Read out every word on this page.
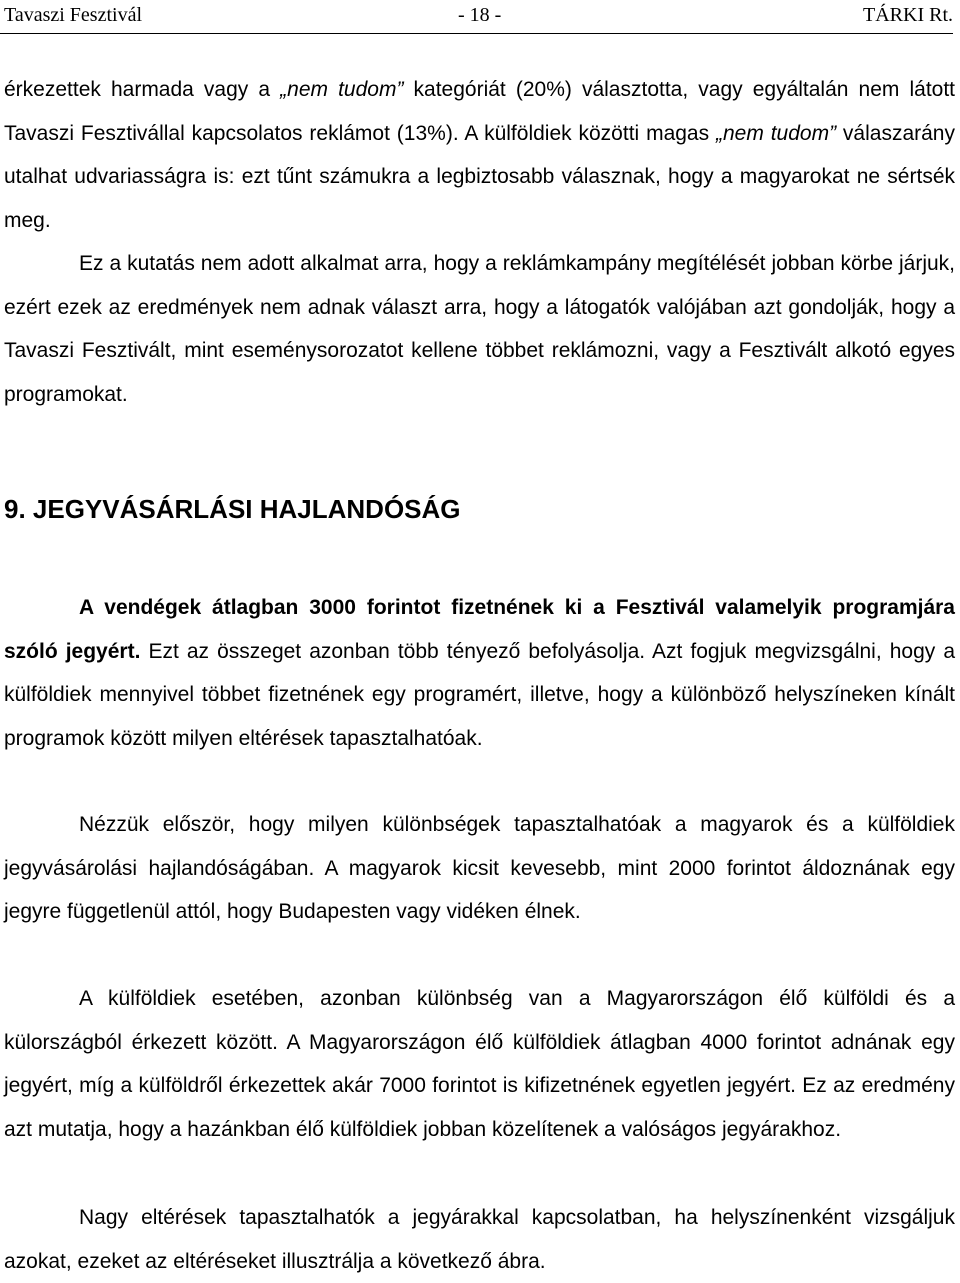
Tavaszi Fesztivál	- 18 -	TÁRKI Rt.

érkezettek harmada vagy a „nem tudom” kategóriát (20%) választotta, vagy egyáltalán nem látott Tavaszi Fesztivállal kapcsolatos reklámot (13%). A külföldiek közötti magas „nem tudom” válaszarány utalhat udvariasságra is: ezt tűnt számukra a legbiztosabb válasznak, hogy a magyarokat ne sértsék meg.

Ez a kutatás nem adott alkalmat arra, hogy a reklámkampány megítélését jobban körbe járjuk, ezért ezek az eredmények nem adnak választ arra, hogy a látogatók valójában azt gondolják, hogy a Tavaszi Fesztivált, mint eseménysorozatot kellene többet reklámozni, vagy a Fesztivált alkotó egyes programokat.

9. JEGYVÁSÁRLÁSI HAJLANDÓSÁG

A vendégek átlagban 3000 forintot fizetnének ki a Fesztivál valamelyik programjára szóló jegyért. Ezt az összeget azonban több tényező befolyásolja. Azt fogjuk megvizsgálni, hogy a külföldiek mennyivel többet fizetnének egy programért, illetve, hogy a különböző helyszíneken kínált programok között milyen eltérések tapasztalhatóak.

Nézzük először, hogy milyen különbségek tapasztalhatóak a magyarok és a külföldiek jegyvásárolási hajlandóságában. A magyarok kicsit kevesebb, mint 2000 forintot áldoznának egy jegyre függetlenül attól, hogy Budapesten vagy vidéken élnek.

A külföldiek esetében, azonban különbség van a Magyarországon élő külföldi és a külországból érkezett között. A Magyarországon élő külföldiek átlagban 4000 forintot adnának egy jegyért, míg a külföldről érkezettek akár 7000 forintot is kifizetnének egyetlen jegyért. Ez az eredmény azt mutatja, hogy a hazánkban élő külföldiek jobban közelítenek a valóságos jegyárakhoz.

Nagy eltérések tapasztalhatók a jegyárakkal kapcsolatban, ha helyszínenként vizsgáljuk azokat, ezeket az eltéréseket illusztrálja a következő ábra.
